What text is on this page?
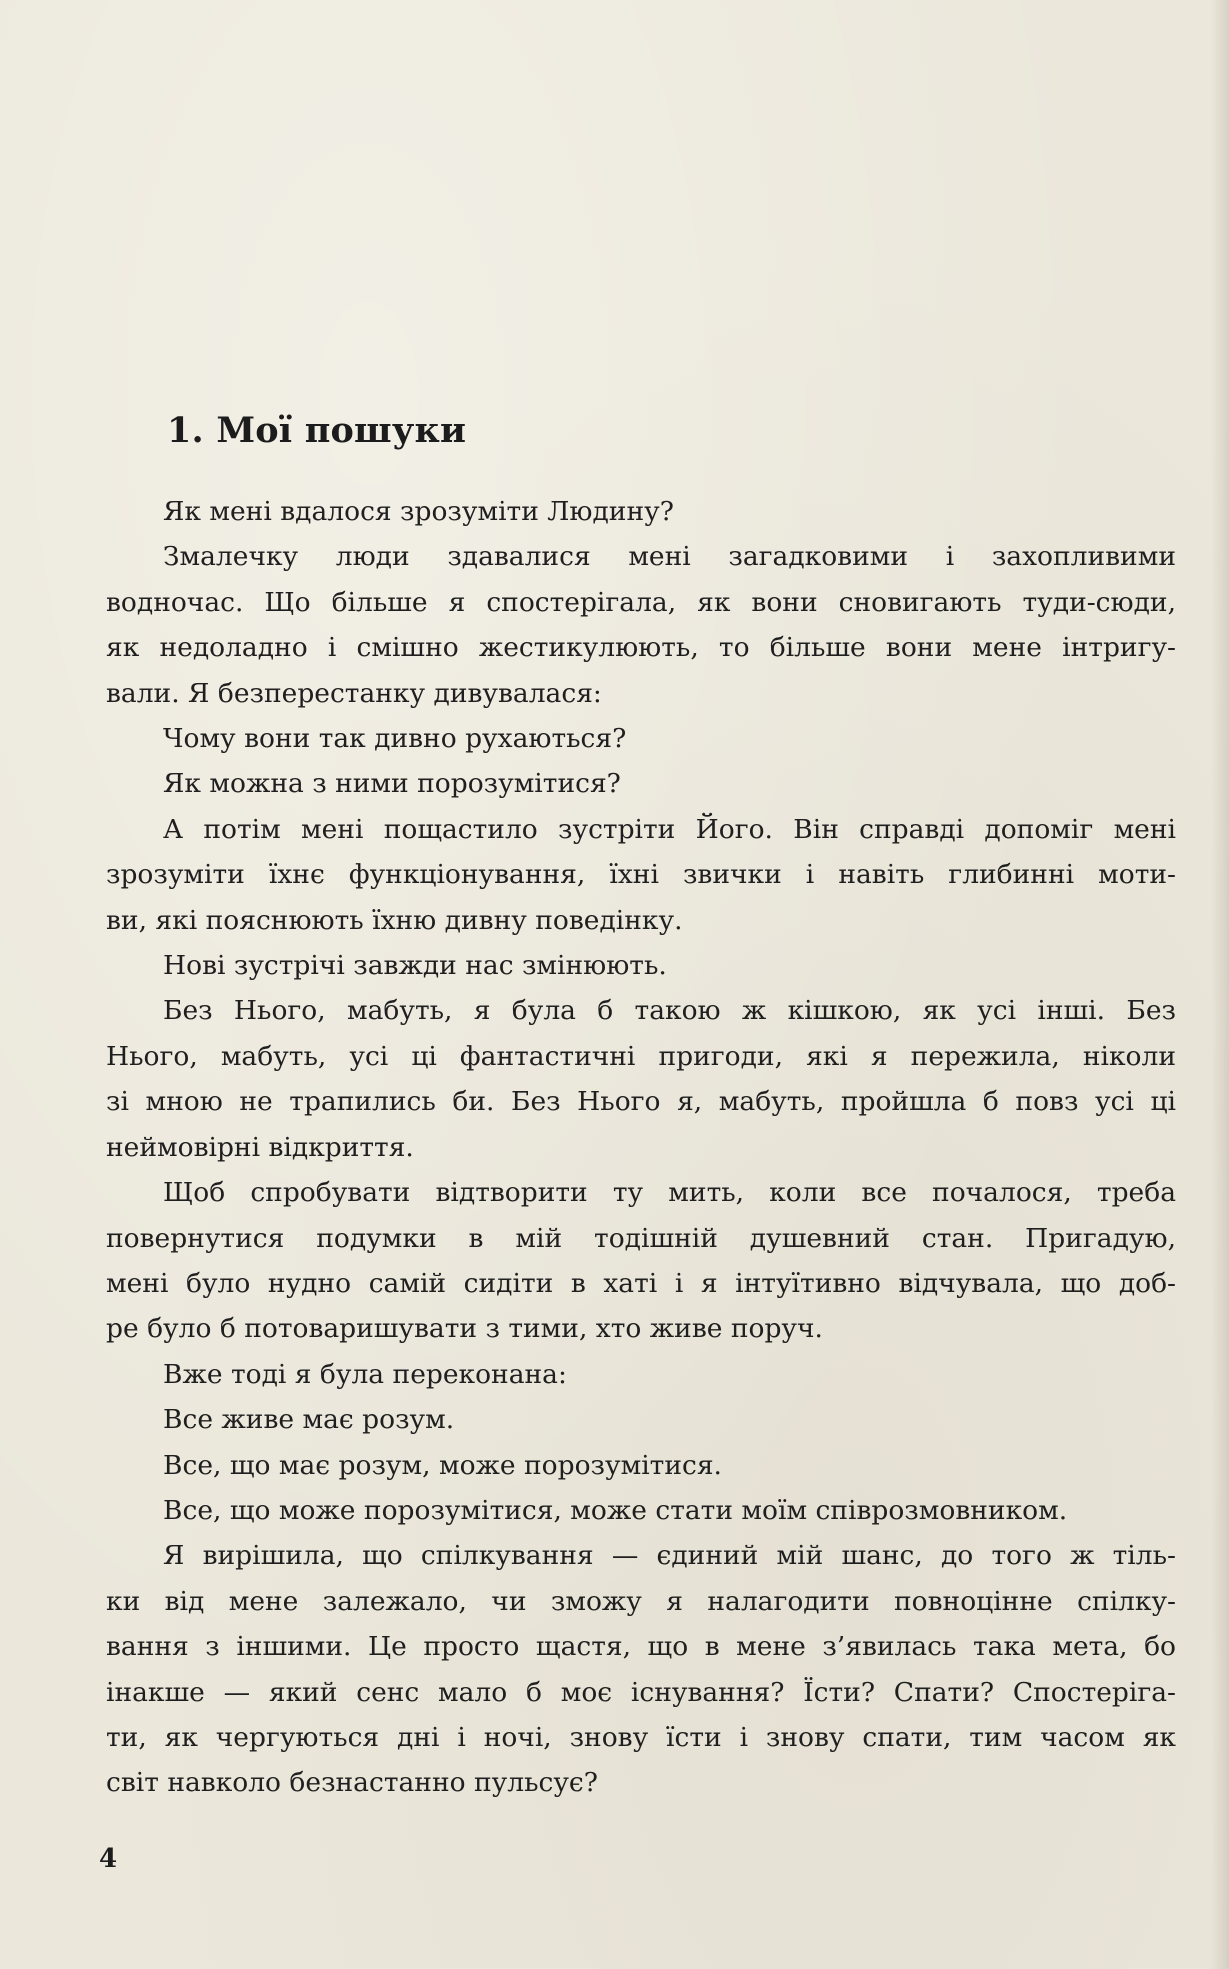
1. Мої пошуки

Як мені вдалося зрозуміти Людину?

Змалечку люди здавалися мені загадковими і захопливими
водночас. Що більше я спостерігала, як вони сновигають туди-сюди,
як недоладно і смішно жестикулюють, то більше вони мене інтригу-
вали. Я безперестанку дивувалася:

Чому вони так дивно рухаються?

Як можна з ними порозумітися?

А потім мені пощастило зустріти Його. Він справді допоміг мені
зрозуміти їхнє функціонування, їхні звички і навіть глибинні моти-
ви, які пояснюють їхню дивну поведінку.

Нові зустрічі завжди нас змінюють.

Без Нього, мабуть, я була б такою ж кішкою, як усі інші. Без
Нього, мабуть, усі ці фантастичні пригоди, які я пережила, ніколи
зі мною не трапились би. Без Нього я, мабуть, пройшла б повз усі ці
неймовірні відкриття.

Щоб спробувати відтворити ту мить, коли все почалося, треба
повернутися подумки в мій тодішній душевний стан. Пригадую,
мені було нудно самій сидіти в хаті і я інтуїтивно відчувала, що доб-
ре було б потоваришувати з тими, хто живе поруч.

Вже тоді я була переконана:

Все живе має розум.

Все, що має розум, може порозумітися.

Все, що може порозумітися, може стати моїм співрозмовником.

Я вирішила, що спілкування — єдиний мій шанс, до того ж тіль-
ки від мене залежало, чи зможу я налагодити повноцінне спілку-
вання з іншими. Це просто щастя, що в мене з’явилась така мета, бо
інакше — який сенс мало б моє існування? Їсти? Спати? Спостеріга-
ти, як чергуються дні і ночі, знову їсти і знову спати, тим часом як
світ навколо безнастанно пульсує?

4
